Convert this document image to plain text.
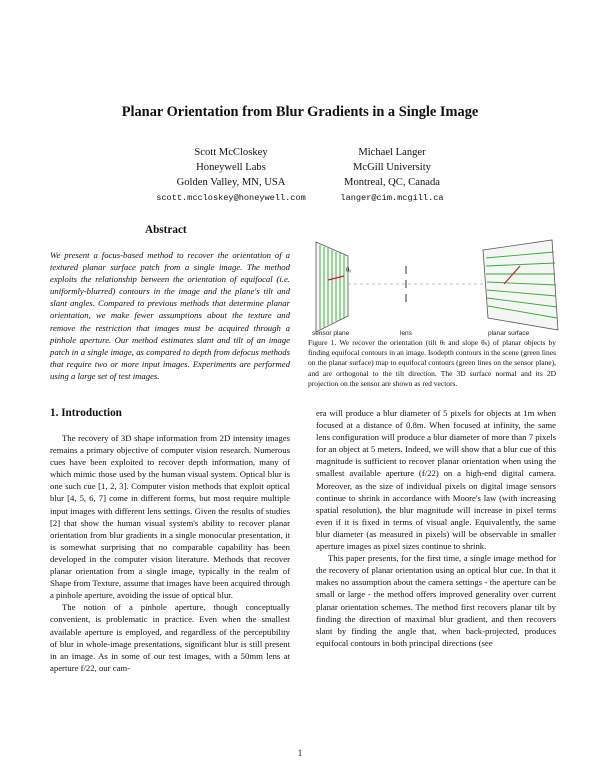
Planar Orientation from Blur Gradients in a Single Image
Scott McCloskey
Honeywell Labs
Golden Valley, MN, USA
scott.mccloskey@honeywell.com
Michael Langer
McGill University
Montreal, QC, Canada
langer@cim.mcgill.ca
Abstract
We present a focus-based method to recover the orientation of a textured planar surface patch from a single image. The method exploits the relationship between the orientation of equifocal (i.e. uniformly-blurred) contours in the image and the plane's tilt and slant angles. Compared to previous methods that determine planar orientation, we make fewer assumptions about the texture and remove the restriction that images must be acquired through a pinhole aperture. Our method estimates slant and tilt of an image patch in a single image, as compared to depth from defocus methods that require two or more input images. Experiments are performed using a large set of test images.
θₜ
sensor plane	lens	planar surface
Figure 1. We recover the orientation (tilt θₜ and slope θₛ) of planar objects by finding equifocal contours in an image. Isodepth contours in the scene (green lines on the planar surface) map to equifocal contours (green lines on the sensor plane), and are orthogonal to the tilt direction. The 3D surface normal and its 2D projection on the sensor are shown as red vectors.
1. Introduction

The recovery of 3D shape information from 2D intensity images remains a primary objective of computer vision research. Numerous cues have been exploited to recover depth information, many of which mimic those used by the human visual system. Optical blur is one such cue [1, 2, 3]. Computer vision methods that exploit optical blur [4, 5, 6, 7] come in different forms, but most require multiple input images with different lens settings. Given the results of studies [2] that show the human visual system's ability to recover planar orientation from blur gradients in a single monocular presentation, it is somewhat surprising that no comparable capability has been developed in the computer vision literature. Methods that recover planar orientation from a single image, typically in the realm of Shape from Texture, assume that images have been acquired through a pinhole aperture, avoiding the issue of optical blur.

The notion of a pinhole aperture, though conceptually convenient, is problematic in practice. Even when the smallest available aperture is employed, and regardless of the perceptibility of blur in whole-image presentations, significant blur is still present in an image. As in some of our test images, with a 50mm lens at aperture f/22, our cam-

era will produce a blur diameter of 5 pixels for objects at 1m when focused at a distance of 0.8m. When focused at infinity, the same lens configuration will produce a blur diameter of more than 7 pixels for an object at 5 meters. Indeed, we will show that a blur cue of this magnitude is sufficient to recover planar orientation when using the smallest available aperture (f/22) on a high-end digital camera. Moreover, as the size of individual pixels on digital image sensors continue to shrink in accordance with Moore's law (with increasing spatial resolution), the blur magnitude will increase in pixel terms even if it is fixed in terms of visual angle. Equivalently, the same blur diameter (as measured in pixels) will be observable in smaller aperture images as pixel sizes continue to shrink.

This paper presents, for the first time, a single image method for the recovery of planar orientation using an optical blur cue. In that it makes no assumption about the camera settings - the aperture can be small or large - the method offers improved generality over current planar orientation schemes. The method first recovers planar tilt by finding the direction of maximal blur gradient, and then recovers slant by finding the angle that, when back-projected, produces equifocal contours in both principal directions (see

1
